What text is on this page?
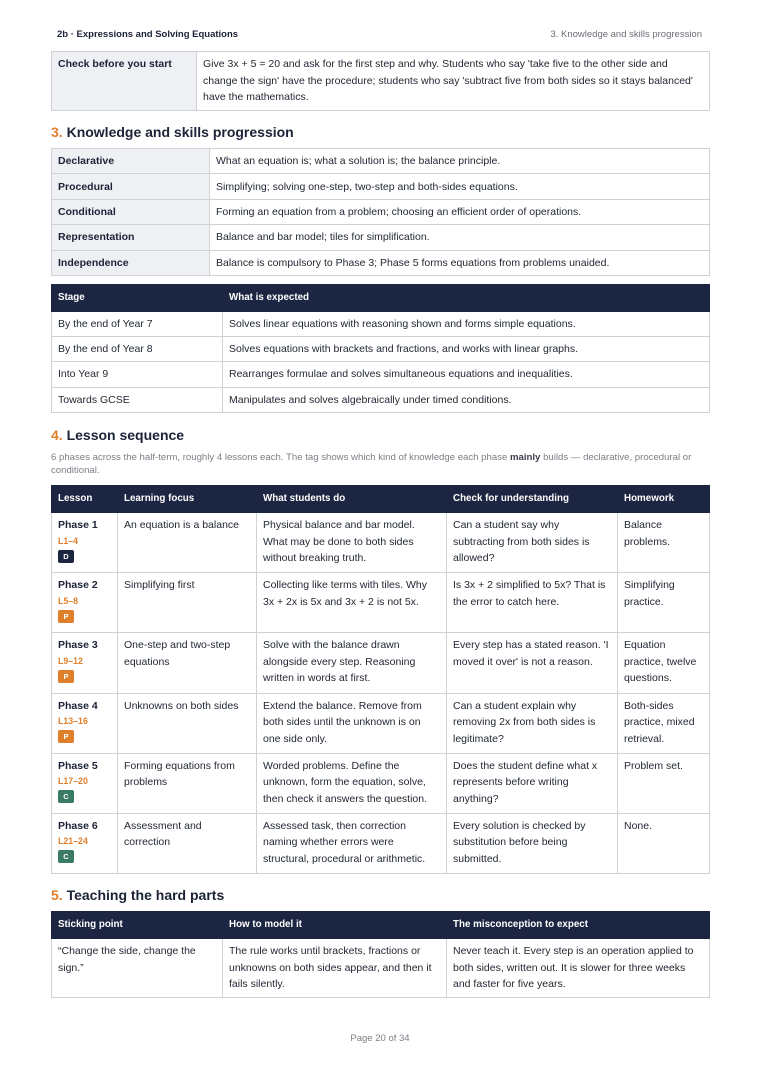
2b · Expressions and Solving Equations	3. Knowledge and skills progression
Check before you start	Give 3x + 5 = 20 and ask for the first step and why. Students who say 'take five to the other side and change the sign' have the procedure; students who say 'subtract five from both sides so it stays balanced' have the mathematics.
3. Knowledge and skills progression
Declarative	What an equation is; what a solution is; the balance principle.
Procedural	Simplifying; solving one-step, two-step and both-sides equations.
Conditional	Forming an equation from a problem; choosing an efficient order of operations.
Representation	Balance and bar model; tiles for simplification.
Independence	Balance is compulsory to Phase 3; Phase 5 forms equations from problems unaided.
Stage	What is expected
By the end of Year 7	Solves linear equations with reasoning shown and forms simple equations.
By the end of Year 8	Solves equations with brackets and fractions, and works with linear graphs.
Into Year 9	Rearranges formulae and solves simultaneous equations and inequalities.
Towards GCSE	Manipulates and solves algebraically under timed conditions.
4. Lesson sequence

6 phases across the half-term, roughly 4 lessons each. The tag shows which kind of knowledge each phase mainly builds — declarative, procedural or conditional.

Lesson	Learning focus	What students do	Check for understanding	Homework

Phase 1
L1–4
D	An equation is a balance	Physical balance and bar model. What may be done to both sides without breaking truth.	Can a student say why subtracting from both sides is allowed?	Balance problems.

Phase 2
L5–8
P	Simplifying first	Collecting like terms with tiles. Why 3x + 2x is 5x and 3x + 2 is not 5x.	Is 3x + 2 simplified to 5x? That is the error to catch here.	Simplifying practice.

Phase 3
L9–12
P	One-step and two-step equations	Solve with the balance drawn alongside every step. Reasoning written in words at first.	Every step has a stated reason. 'I moved it over' is not a reason.	Equation practice, twelve questions.

Phase 4
L13–16
P	Unknowns on both sides	Extend the balance. Remove from both sides until the unknown is on one side only.	Can a student explain why removing 2x from both sides is legitimate?	Both-sides practice, mixed retrieval.

Phase 5
L17–20
C	Forming equations from problems	Worded problems. Define the unknown, form the equation, solve, then check it answers the question.	Does the student define what x represents before writing anything?	Problem set.

Phase 6
L21–24
C	Assessment and correction	Assessed task, then correction naming whether errors were structural, procedural or arithmetic.	Every solution is checked by substitution before being submitted.	None.
5. Teaching the hard parts
Sticking point	How to model it	The misconception to expect
“Change the side, change the sign.”	The rule works until brackets, fractions or unknowns on both sides appear, and then it fails silently.	Never teach it. Every step is an operation applied to both sides, written out. It is slower for three weeks and faster for five years.
Page 20 of 34
